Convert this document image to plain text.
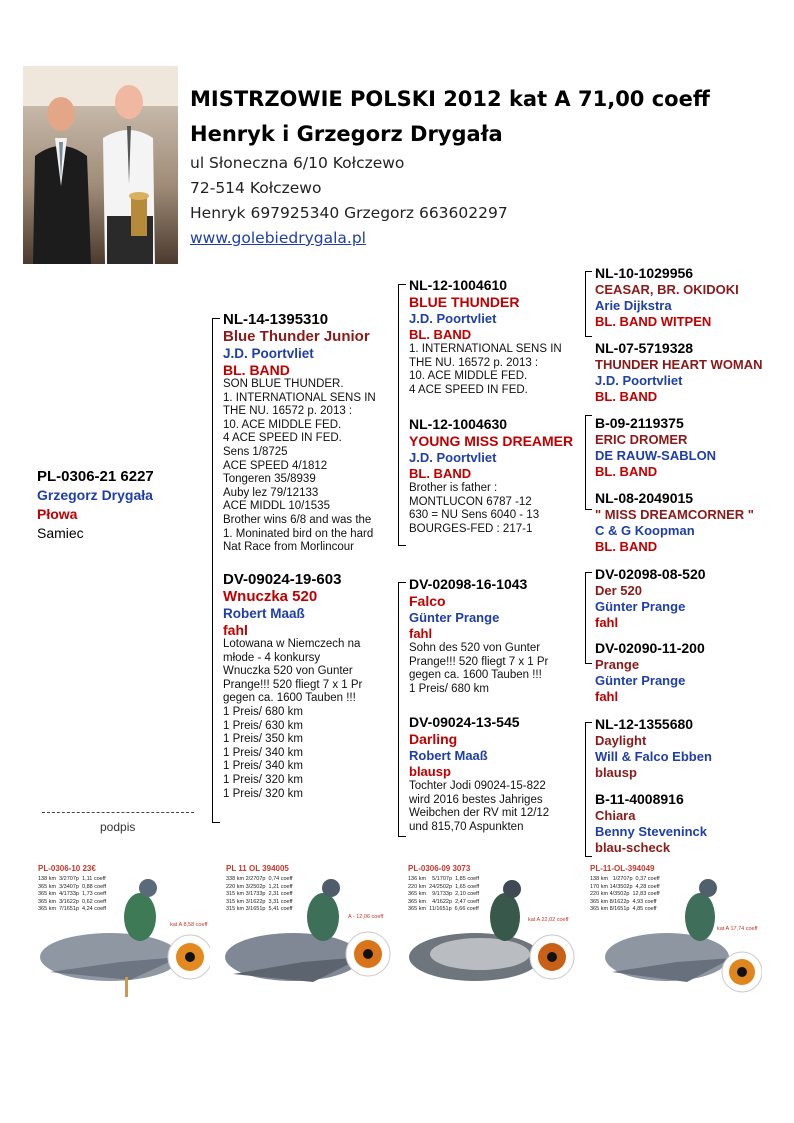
MISTRZOWIE POLSKI 2012 kat A 71,00 coeff
Henryk i Grzegorz Drygała
ul Słoneczna 6/10 Kołczewo
72-514 Kołczewo
Henryk 697925340 Grzegorz 663602297
www.golebiedrygala.pl
PL-0306-21 6227
Grzegorz Drygała
Płowa
Samiec
NL-14-1395310
Blue Thunder Junior
J.D. Poortvliet
BL. BAND
SON BLUE THUNDER.
1. INTERNATIONAL SENS IN
THE NU. 16572 p. 2013 :
10. ACE MIDDLE FED.
4 ACE SPEED IN FED.
Sens 1/8725
ACE SPEED 4/1812
Tongeren 35/8939
Auby lez 79/12133
ACE MIDDL 10/1535
Brother wins 6/8 and was the
1. Moninated bird on the hard
Nat Race from Morlincour
DV-09024-19-603
Wnuczka 520
Robert Maaß
fahl
Lotowana w Niemczech na
młode - 4 konkursy
Wnuczka 520 von Gunter
Prange!!! 520 fliegt 7 x 1 Pr
gegen ca. 1600 Tauben !!!
1 Preis/ 680 km
1 Preis/ 630 km
1 Preis/ 350 km
1 Preis/ 340 km
1 Preis/ 340 km
1 Preis/ 320 km
1 Preis/ 320 km
NL-12-1004610
BLUE THUNDER
J.D. Poortvliet
BL. BAND
1. INTERNATIONAL SENS IN
THE NU. 16572 p. 2013 :
10. ACE MIDDLE FED.
4 ACE SPEED IN FED.
NL-12-1004630
YOUNG MISS DREAMER
J.D. Poortvliet
BL. BAND
Brother is father :
MONTLUCON 6787 -12
630 = NU Sens 6040 - 13
BOURGES-FED : 217-1
DV-02098-16-1043
Falco
Günter Prange
fahl
Sohn des 520 von Gunter
Prange!!! 520 fliegt 7 x 1 Pr
gegen ca. 1600 Tauben !!!
1 Preis/ 680 km
DV-09024-13-545
Darling
Robert Maaß
blausp
Tochter Jodi 09024-15-822
wird 2016 bestes Jahriges
Weibchen der RV mit 12/12
und 815,70 Aspunkten
NL-10-1029956
CEASAR, BR. OKIDOKI
Arie Dijkstra
BL. BAND WITPEN
NL-07-5719328
THUNDER HEART WOMAN
J.D. Poortvliet
BL. BAND
B-09-2119375
ERIC DROMER
DE RAUW-SABLON
BL. BAND
NL-08-2049015
" MISS DREAMCORNER "
C & G Koopman
BL. BAND
DV-02098-08-520
Der 520
Günter Prange
fahl
DV-02090-11-200
Prange
Günter Prange
fahl
NL-12-1355680
Daylight
Will & Falco Ebben
blausp
B-11-4008916
Chiara
Benny Steveninck
blau-scheck
podpis
PL-0306-10 23€
138 km  3/2707p  1,11 coeff
365 km  3/3407p  0,88 coeff
365 km  4/1733p  1,73 coeff
365 km  3/1622p  0,62 coeff
365 km  7/1651p  4,24 coeff
kat A 8,58 coeff
PL 11 OL 394005
338 km 2/2707p  0,74 coeff
220 km 3/2502p  1,21 coeff
315 km 3/1733p  2,31 coeff
315 km 3/1622p  3,31 coeff
315 km 3/1651p  5,41 coeff
A - 12,06 coeff
PL-0306-09 3073
136 km    5/1707p  1,85 coeff
220 km  24/2502p  1,65 coeff
365 km    9/1733p  2,10 coeff
365 km    4/1622p  2,47 coeff
365 km  11/1651p  6,66 coeff
kat A 22,02 coeff
PL-11-OL-394049
138 km   1/2707p  0,37 coeff
170 km 14/3502p  4,28 coeff
220 km 4/3502p  12,83 coeff
365 km 8/1622p  4,93 coeff
365 km 8/1651p  4,85 coeff
kat A 17,74 coeff
